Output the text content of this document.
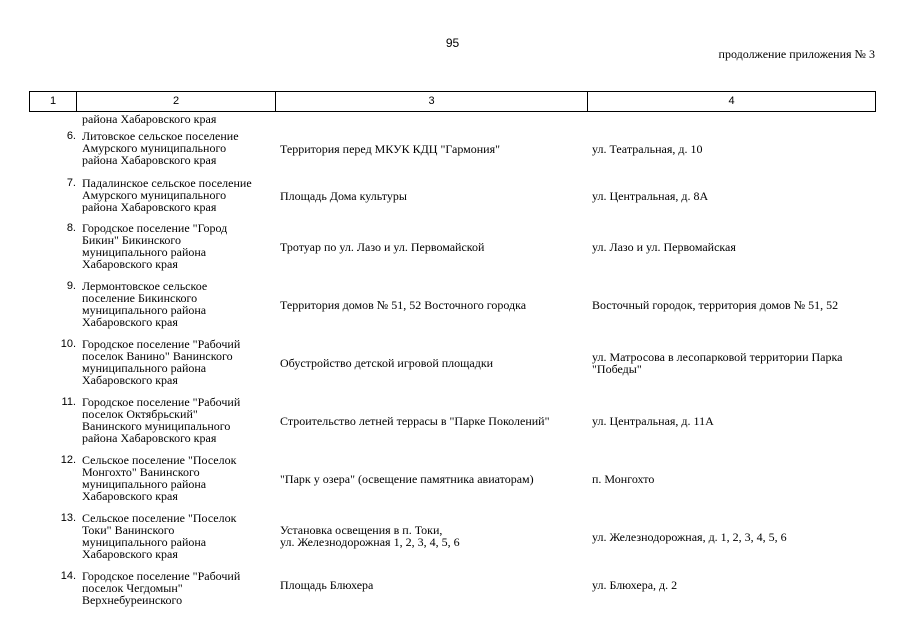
95
продолжение приложения № 3
1	2	3	4
района Хабаровского края
6. Литовское сельское поселение
Амурского муниципального
района Хабаровского края
Территория перед МКУК КДЦ "Гармония"	ул. Театральная, д. 10
7. Падалинское сельское поселение
Амурского муниципального
района Хабаровского края
Площадь Дома культуры	ул. Центральная, д. 8А
8. Городское поселение "Город
Бикин" Бикинского
муниципального района
Хабаровского края
Тротуар по ул. Лазо и ул. Первомайской	ул. Лазо и ул. Первомайская
9. Лермонтовское сельское
поселение Бикинского
муниципального района
Хабаровского края
Территория домов № 51, 52 Восточного городка	Восточный городок, территория домов № 51, 52
10. Городское поселение "Рабочий
поселок Ванино" Ванинского
муниципального района
Хабаровского края
Обустройство детской игровой площадки	ул. Матросова в лесопарковой территории Парка
"Победы"
11. Городское поселение "Рабочий
поселок Октябрьский"
Ванинского муниципального
района Хабаровского края
Строительство летней террасы в "Парке Поколений"	ул. Центральная, д. 11А
12. Сельское поселение "Поселок
Монгохто" Ванинского
муниципального района
Хабаровского края
"Парк у озера" (освещение памятника авиаторам)	п. Монгохто
13. Сельское поселение "Поселок
Токи" Ванинского
муниципального района
Хабаровского края
Установка освещения в п. Токи,
ул. Железнодорожная 1, 2, 3, 4, 5, 6	ул. Железнодорожная, д. 1, 2, 3, 4, 5, 6
14. Городское поселение "Рабочий
поселок Чегдомын"
Верхнебуреинского
Площадь Блюхера	ул. Блюхера, д. 2
